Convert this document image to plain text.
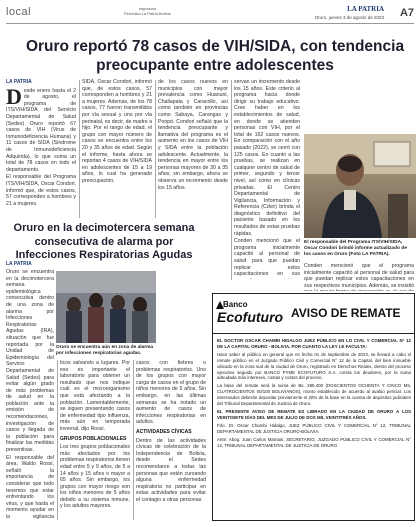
local	Impresión
Periódico La Patria Bolivia
LA PATRIA
Oruro, jueves 3 de agosto de 2023 A7
Oruro reportó 78 casos de VIH/SIDA, con tendencia preocupante entre adolescentes
LA PATRIA
D esde enero hasta el 2 de agosto, el programa de ITS/VIH/SIDA del Servicio Departamental de Salud (Sedes) Oruro reportó 67 casos de VIH (Virus de Inmunodeficiencia Humana) y 11 casos de SIDA (Síndrome de Inmunodeficiencia Adquirida), lo que suma un total de 78 casos en todo el departamento.

El responsable del Programa ITS/VIH/SIDA, Oscar Condori, informó que, de estos casos, 57 corresponden a hombres y 21 a mujeres.

SIDA, Oscar Condori, informó que, de estos casos, 57 corresponden a hombres y 21 a mujeres. Además, de los 78 casos, 77 fueron transmitidos por vía sexual y uno por vía perinatal, es decir, de madre a hijo. Por el rango de edad, el grupo con mayor número de casos se encuentra entre los 20 y 35 años de edad. Según el informe, hasta ahora se reportan 4 casos de VIH/SIDA en adolescentes de 15 a 19 años, lo cual ha generado preocupación.

de los casos nuevos en municipios con mayor prevalencia como Huanuni, Challapata y Caracollo, así como también en provincias como Sabaya, Carangas y Poopó. Condori señaló que la tendencia preocupante y llamativa del programa es el aumento en los casos de VIH y SIDA entre la población adolescente. Actualmente, la tendencia en mayor entre los personas mayores de 30 a 35 años; sin embargo, ahora se observa un incremento desde los 15 años.

servan un incremento desde los 15 años. Este criterio al programa hacia donde dirigir su trabajo educativo. Cree haber en los establecimientos de salud, en donde se atienden personas con VIH, por el total de 162 casos nuevos. En comparación con el año pasado (2022), se cerró con 125 casos. En cuanto a las pruebas, se realizan en cualquier centro de salud de primer, segundo y tercer nivel, así como en clínicas privadas. El Centro Departamental de Vigilancia, Información y Referencia (Cdvir) brinda el diagnóstico definitivo del paciente basado en los resultados de estas pruebas rápidas.

Conden mencionó que el programa inicialmente capacitó al personal de salud para que puedan replicar estos capacitaciones en sus

El responsable del Programa ITS/VIH/SIDA, Oscar Condori brindó informe actualizado de los casos en Oruro (Foto LA PATRIA).

Conden mencionó que el programa inicialmente capacitó al personal de salud para que puedan replicar estos capacitaciones en sus respectivos municipios. Además, se insistió

Oruro en la decimotercera semana consecutiva de alarma por Infecciones Respiratorias Agudas
LA PATRIA
Oruro se encuentra aún en zona de alarma por infecciones respiratorias agudas.

Oruro se encuentra en la decimotercera semana epidemiológica consecutiva dentro de una zona de alarma por Infecciones Respiratorias Agudas (IRA), situación que fue reportada por la Unidad de Epidemiología del Servicio Departamental de Salud (Sedes) para evitar algún grado de más problemas de salud en la población ante la emisión de recomendaciones, investigación de casos y llegada de la población para finalizar las medidas preventivas.

El responsable del área, Waldo Rossi, señaló la importancia de considerar que todo tenemos que estar enfrentando los virus, y que hasta el momento ayudar en la vigilancia

ticos salvando a lugares. Por eso es importante el laboratorio para obtener un resultado que nos indique cuál es el microorganismo que está afectando a la población. Lamentablemente, se siguen presentando casos de enfermedad tipo influenza, más aún en temporada invernal, dijo Rossi.

GRUPOS POBLACIONALES

Los tres grupos poblacionales más afectados por los problemas respiratorios tienen edad entre 5 y 9 años, de 5 a 14 años y 15 años o mayor a 65 años. Sin embargo, los grupos con mayor riesgo son los niños menores de 5 años debido a su sistema inmune, y los adultos mayores.

casos con fiebres o problemas respiratorios. Uno de los grupos con mayor carga de casos en el grupo de niños menores de 5 años. Sin embargo, en las últimas semanas se ha notado un aumento de casos de infecciones respiratorias en adultos.

ACTIVIDADES CÍVICAS

Dentro de las actividades cívicas de celebración de la Independencia de Bolivia, desde el Sedes recomendaron a todas las personas que estén cursando alguna enfermedad respiratoria no participar en estas actividades para evitar el contagio a otras personas.

Banco
Ecofuturo AVISO DE REMATE

EL DOCTOR OSCAR CHAMBI HIDALGO JUEZ PÚBLICO EN LO CIVIL Y COMERCIAL N° 12 DE LA CAPITAL ORURO - BOLIVIA, POR CUANTO LA LEY LE FACULTA:

Hace saber al público en general que en fecha 01 de septiembre de 2023, se llevará a cabo el remate público en el Juzgado Público Civil y Comercial N° 12 de la Capital, del bien inmueble ubicado en la zona sud de la ciudad de Oruro, registrado en Derechos Reales, dentro del proceso ejecutivo seguido por BANCO PYME ECOFUTURO S.A. contra los deudores, por la suma adeudada más intereses, costas y costos del proceso.

La base del remate será la suma de Bs. 285.400 (DOSCIENTOS OCHENTA Y CINCO MIL CUATROCIENTOS 00/100 BOLIVIANOS), monto establecido de acuerdo al avalúo pericial. Los interesados deberán depositar previamente el 20% de la base en la cuenta de depósitos judiciales del Tribunal Departamental de Justicia de Oruro.

EL PRESENTE AVISO DE REMATE ES LIBRADO EN LA CIUDAD DE ORURO A LOS VEINTISIETE DÍAS DEL MES DE JULIO DE DOS MIL VEINTITRÉS AÑOS.

Fdo. Dr. Oscar Chambi Hidalgo, JUEZ PÚBLICO CIVIL Y COMERCIAL N° 12, TRIBUNAL DEPARTAMENTAL DE JUSTICIA ORURO-BOLIVIA.

Ante: Abog. Juan Carlos Mamani, SECRETARIO, JUZGADO PÚBLICO CIVIL Y COMERCIAL N° 12, TRIBUNAL DEPARTAMENTAL DE JUSTICIA DE ORURO.
